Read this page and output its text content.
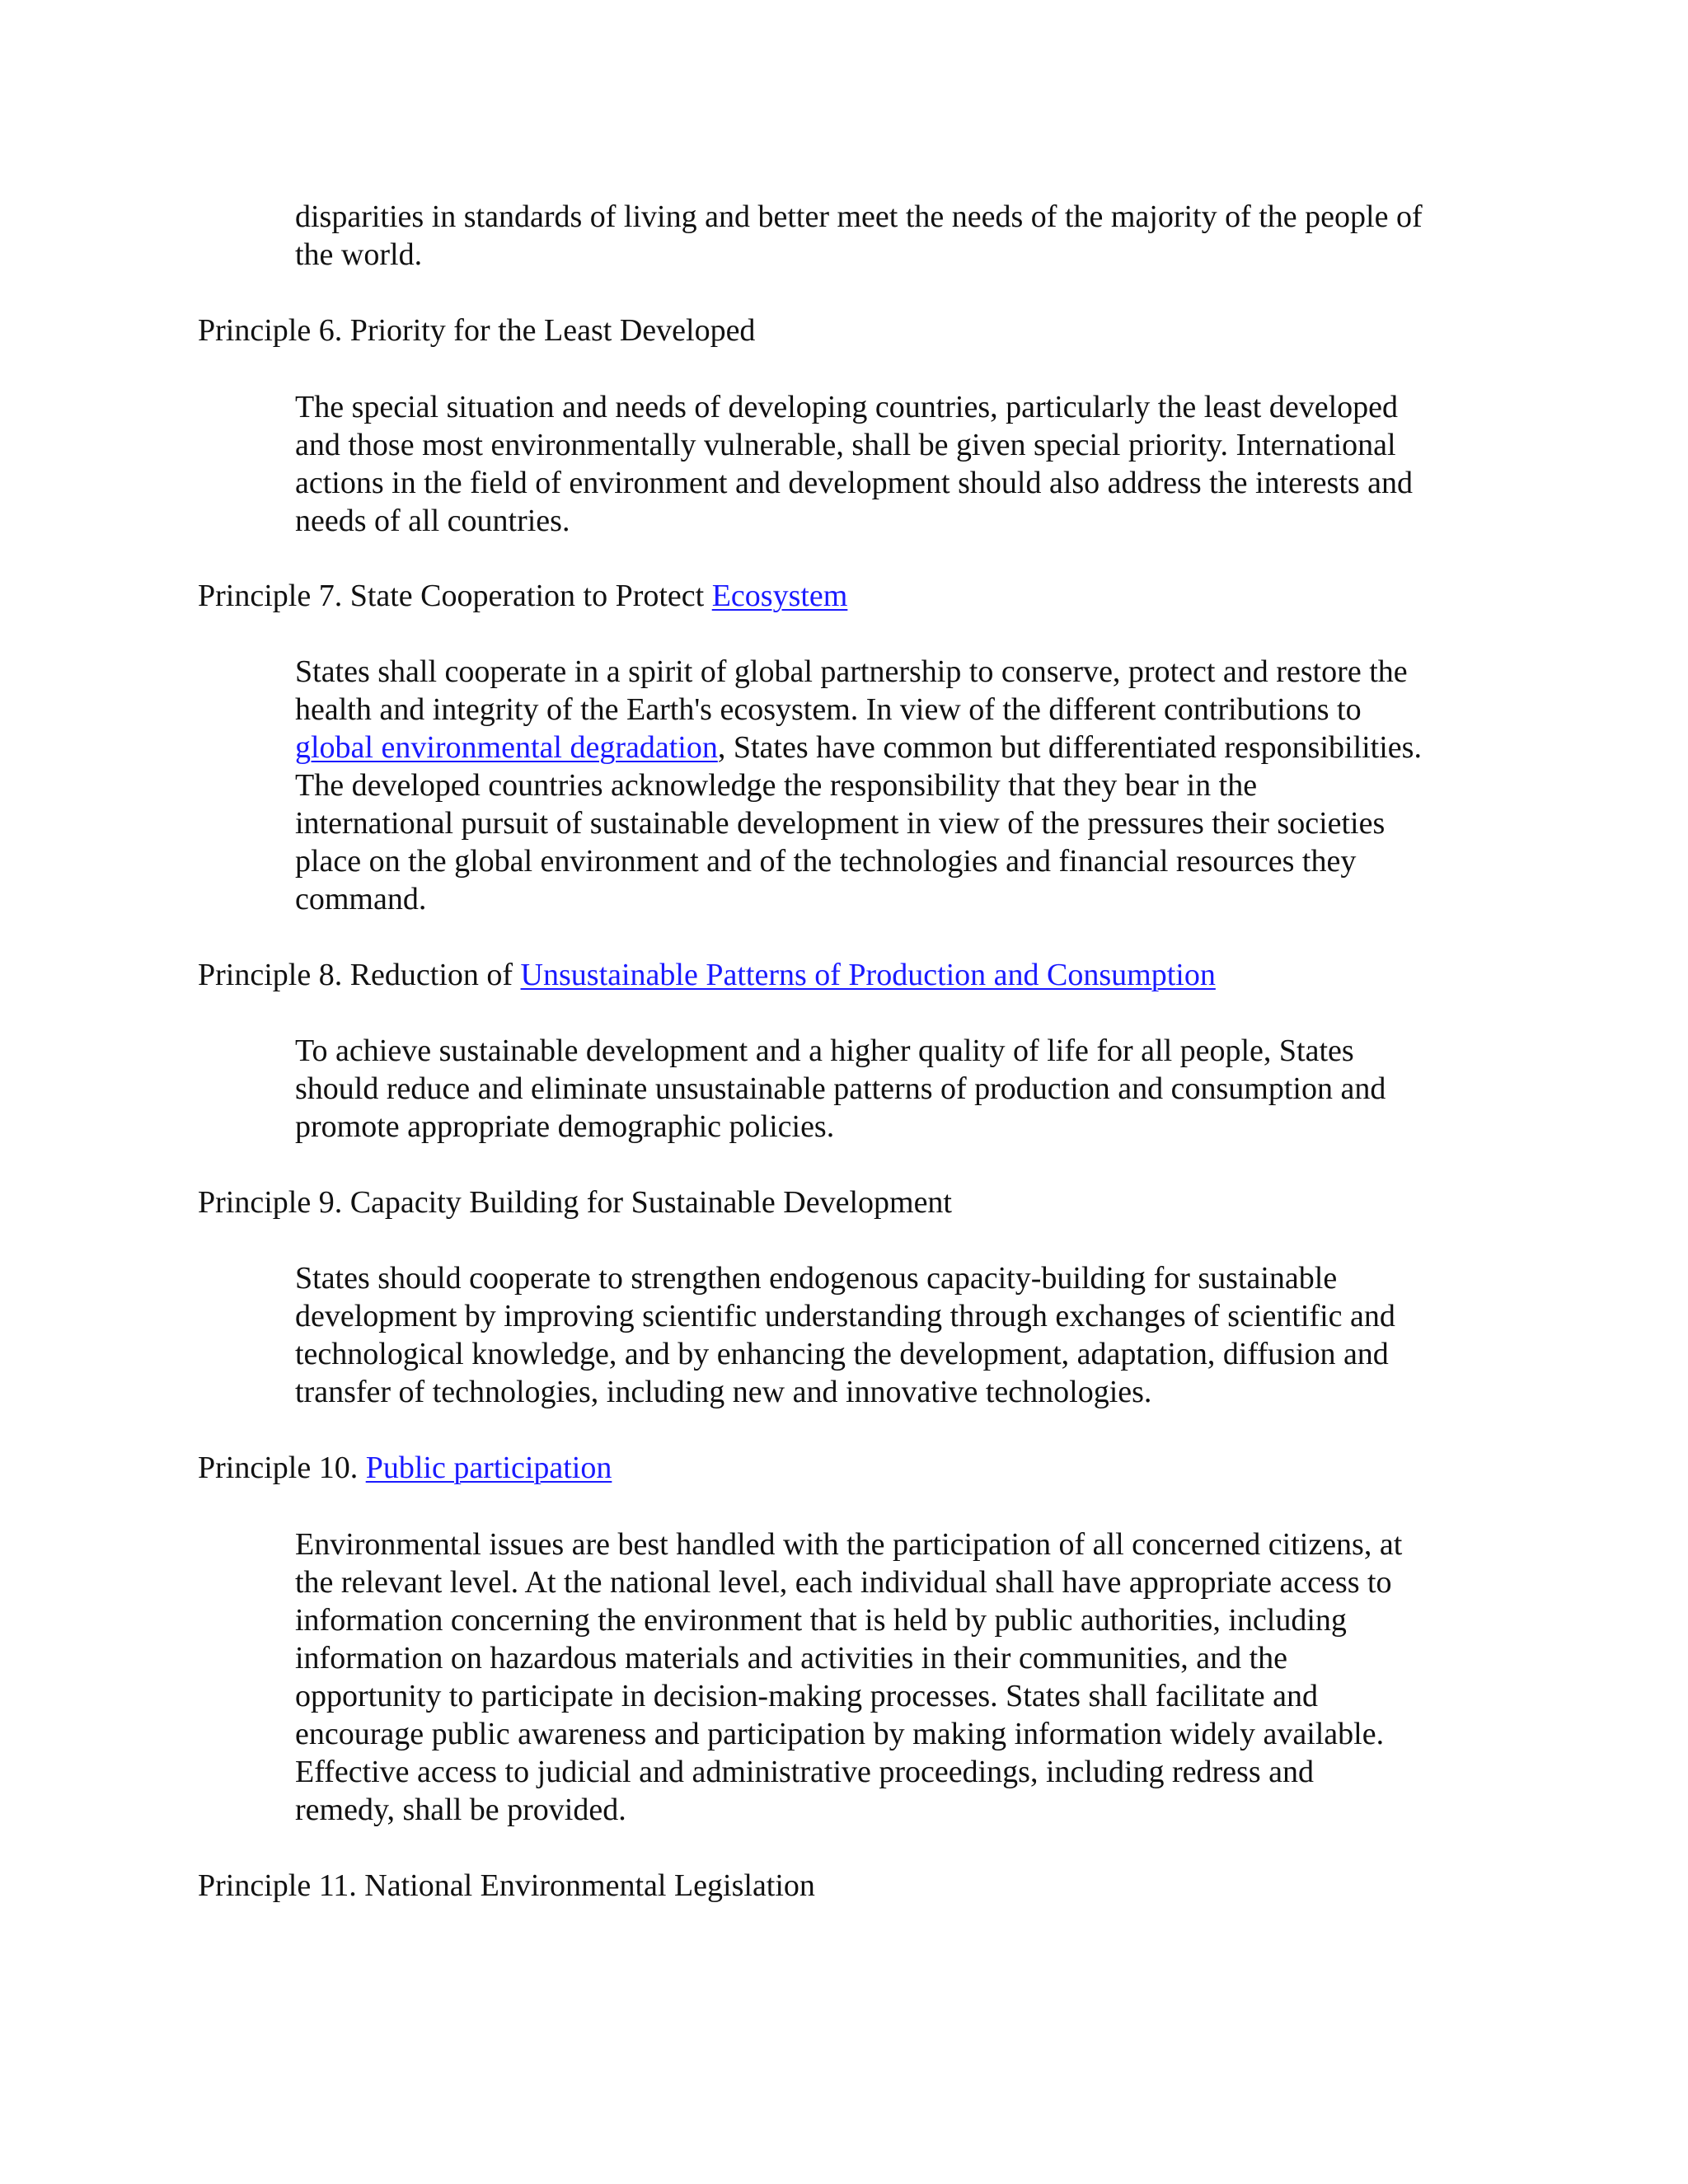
disparities in standards of living and better meet the needs of the majority of the people of
the world.

Principle 6. Priority for the Least Developed

The special situation and needs of developing countries, particularly the least developed
and those most environmentally vulnerable, shall be given special priority. International
actions in the field of environment and development should also address the interests and
needs of all countries.

Principle 7. State Cooperation to Protect Ecosystem

States shall cooperate in a spirit of global partnership to conserve, protect and restore the
health and integrity of the Earth's ecosystem. In view of the different contributions to
global environmental degradation, States have common but differentiated responsibilities.
The developed countries acknowledge the responsibility that they bear in the
international pursuit of sustainable development in view of the pressures their societies
place on the global environment and of the technologies and financial resources they
command.

Principle 8. Reduction of Unsustainable Patterns of Production and Consumption

To achieve sustainable development and a higher quality of life for all people, States
should reduce and eliminate unsustainable patterns of production and consumption and
promote appropriate demographic policies.

Principle 9. Capacity Building for Sustainable Development

States should cooperate to strengthen endogenous capacity-building for sustainable
development by improving scientific understanding through exchanges of scientific and
technological knowledge, and by enhancing the development, adaptation, diffusion and
transfer of technologies, including new and innovative technologies.

Principle 10. Public participation

Environmental issues are best handled with the participation of all concerned citizens, at
the relevant level. At the national level, each individual shall have appropriate access to
information concerning the environment that is held by public authorities, including
information on hazardous materials and activities in their communities, and the
opportunity to participate in decision-making processes. States shall facilitate and
encourage public awareness and participation by making information widely available.
Effective access to judicial and administrative proceedings, including redress and
remedy, shall be provided.

Principle 11. National Environmental Legislation
